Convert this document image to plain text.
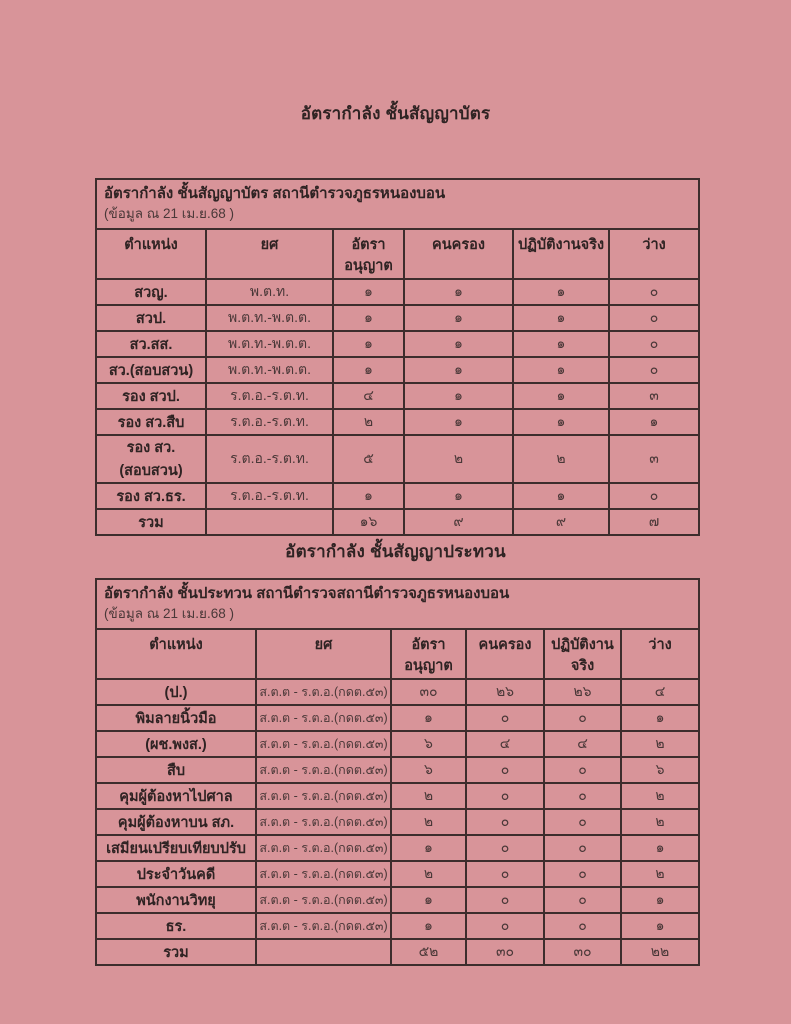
อัตรากำลัง ชั้นสัญญาบัตร
อัตรากำลัง ชั้นสัญญาบัตร สถานีตำรวจภูธรหนองบอน
(ข้อมูล ณ 21 เม.ย.68 )					

ตำแหน่ง	ยศ	อัตรา อนุญาต	คนครอง	ปฏิบัติงานจริง	ว่าง
สวญ.	พ.ต.ท.	๑	๑	๑	๐
สวป.	พ.ต.ท.-พ.ต.ต.	๑	๑	๑	๐
สว.สส.	พ.ต.ท.-พ.ต.ต.	๑	๑	๑	๐
สว.(สอบสวน)	พ.ต.ท.-พ.ต.ต.	๑	๑	๑	๐
รอง สวป.	ร.ต.อ.-ร.ต.ท.	๔	๑	๑	๓
รอง สว.สืบ	ร.ต.อ.-ร.ต.ท.	๒	๑	๑	๑
รอง สว.(สอบสวน)	ร.ต.อ.-ร.ต.ท.	๕	๒	๒	๓
รอง สว.ธร.	ร.ต.อ.-ร.ต.ท.	๑	๑	๑	๐
รวม		๑๖	๙	๙	๗
อัตรากำลัง ชั้นสัญญาประทวน
อัตรากำลัง ชั้นประทวน สถานีตำรวจสถานีตำรวจภูธรหนองบอน
(ข้อมูล ณ 21 เม.ย.68 )					

ตำแหน่ง	ยศ	อัตรา อนุญาต	คนครอง	ปฏิบัติงาน จริง	ว่าง
(ป.)	ส.ต.ต - ร.ต.อ.(กดต.๕๓)	๓๐	๒๖	๒๖	๔
พิมลายนิ้วมือ	ส.ต.ต - ร.ต.อ.(กดต.๕๓)	๑	๐	๐	๑
(ผช.พงส.)	ส.ต.ต - ร.ต.อ.(กดต.๕๓)	๖	๔	๔	๒
สืบ	ส.ต.ต - ร.ต.อ.(กดต.๕๓)	๖	๐	๐	๖
คุมผู้ต้องหาไปศาล	ส.ต.ต - ร.ต.อ.(กดต.๕๓)	๒	๐	๐	๒
คุมผู้ต้องหาบน สภ.	ส.ต.ต - ร.ต.อ.(กดต.๕๓)	๒	๐	๐	๒
เสมียนเปรียบเทียบปรับ	ส.ต.ต - ร.ต.อ.(กดต.๕๓)	๑	๐	๐	๑
ประจำวันคดี	ส.ต.ต - ร.ต.อ.(กดต.๕๓)	๒	๐	๐	๒
พนักงานวิทยุ	ส.ต.ต - ร.ต.อ.(กดต.๕๓)	๑	๐	๐	๑
ธร.	ส.ต.ต - ร.ต.อ.(กดต.๕๓)	๑	๐	๐	๑
รวม		๕๒	๓๐	๓๐	๒๒
